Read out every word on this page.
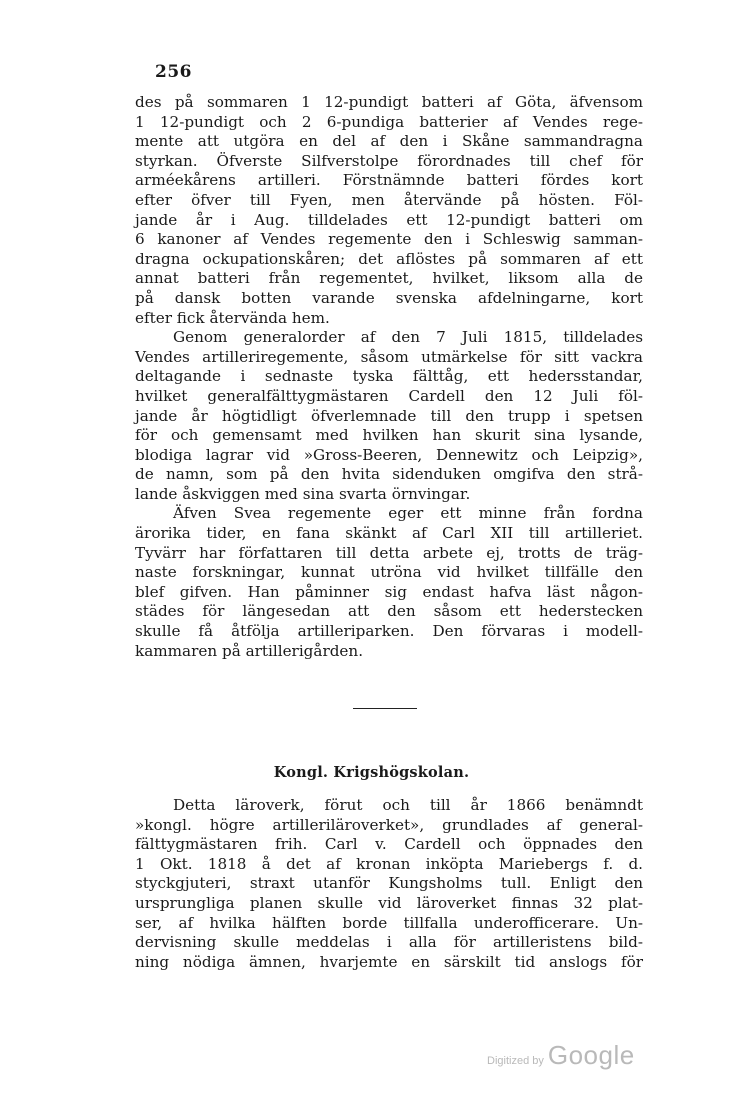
256
des på sommaren 1 12-pundigt batteri af Göta, äfvensom
1 12-pundigt och 2 6-pundiga batterier af Vendes rege-
mente att utgöra en del af den i Skåne sammandragna
styrkan. Öfverste Silfverstolpe förordnades till chef för
arméekårens artilleri. Förstnämnde batteri fördes kort
efter öfver till Fyen, men återvände på hösten. Föl-
jande år i Aug. tilldelades ett 12-pundigt batteri om
6 kanoner af Vendes regemente den i Schleswig samman-
dragna ockupationskåren; det aflöstes på sommaren af ett
annat batteri från regementet, hvilket, liksom alla de
på dansk botten varande svenska afdelningarne, kort
efter fick återvända hem.
Genom generalorder af den 7 Juli 1815, tilldelades
Vendes artilleriregemente, såsom utmärkelse för sitt vackra
deltagande i sednaste tyska fälttåg, ett hedersstandar,
hvilket generalfälttygmästaren Cardell den 12 Juli föl-
jande år högtidligt öfverlemnade till den trupp i spetsen
för och gemensamt med hvilken han skurit sina lysande,
blodiga lagrar vid »Gross-Beeren, Dennewitz och Leipzig»,
de namn, som på den hvita sidenduken omgifva den strå-
lande åskviggen med sina svarta örnvingar.
Äfven Svea regemente eger ett minne från fordna
ärorika tider, en fana skänkt af Carl XII till artilleriet.
Tyvärr har författaren till detta arbete ej, trotts de träg-
naste forskningar, kunnat utröna vid hvilket tillfälle den
blef gifven. Han påminner sig endast hafva läst någon-
städes för längesedan att den såsom ett hederstecken
skulle få åtfölja artilleriparken. Den förvaras i modell-
kammaren på artillerigården.
Kongl. Krigshögskolan.
Detta läroverk, förut och till år 1866 benämndt
»kongl. högre artilleriläroverket», grundlades af general-
fälttygmästaren frih. Carl v. Cardell och öppnades den
1 Okt. 1818 å det af kronan inköpta Mariebergs f. d.
styckgjuteri, straxt utanför Kungsholms tull. Enligt den
ursprungliga planen skulle vid läroverket finnas 32 plat-
ser, af hvilka hälften borde tillfalla underofficerare. Un-
dervisning skulle meddelas i alla för artilleristens bild-
ning nödiga ämnen, hvarjemte en särskilt tid anslogs för
Digitized by Google
